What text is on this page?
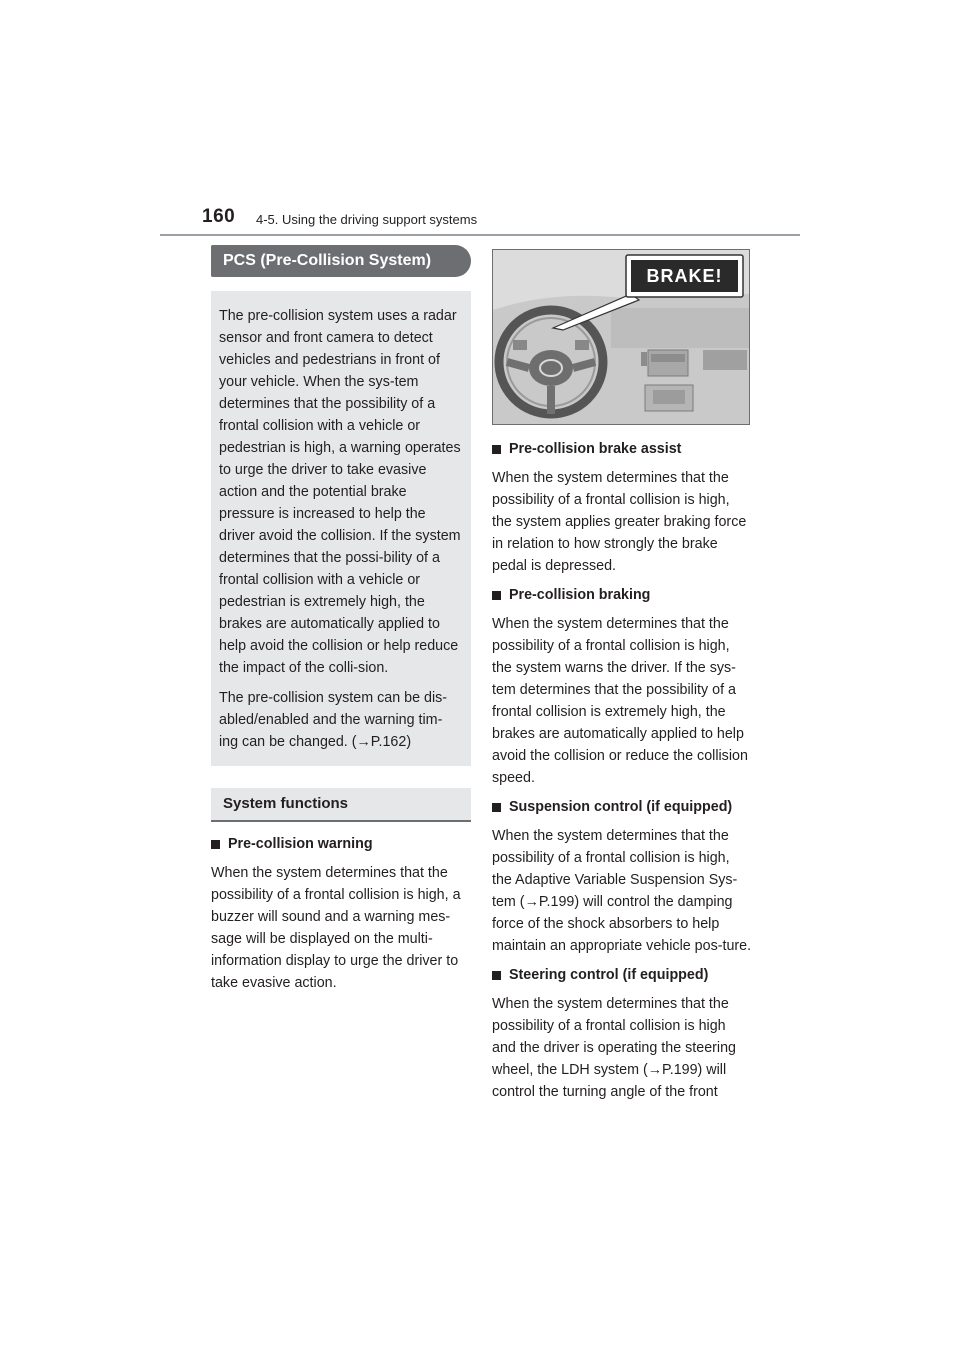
160 4-5. Using the driving support systems
PCS (Pre-Collision System)

The pre-collision system uses a radar sensor and front camera to detect vehicles and pedestrians in front of your vehicle. When the sys-tem determines that the possibility of a frontal collision with a vehicle or pedestrian is high, a warning operates to urge the driver to take evasive action and the potential brake pressure is increased to help the driver avoid the collision. If the system determines that the possi-bility of a frontal collision with a vehicle or pedestrian is extremely high, the brakes are automatically applied to help avoid the collision or help reduce the impact of the colli-sion.

The pre-collision system can be dis-abled/enabled and the warning tim-ing can be changed. (→P.162)

System functions
Pre-collision warning

When the system determines that the possibility of a frontal collision is high, a buzzer will sound and a warning mes-sage will be displayed on the multi-information display to urge the driver to take evasive action.

BRAKE!
Pre-collision brake assist

When the system determines that the possibility of a frontal collision is high, the system applies greater braking force in relation to how strongly the brake pedal is depressed.

Pre-collision braking

When the system determines that the possibility of a frontal collision is high, the system warns the driver. If the sys-tem determines that the possibility of a frontal collision is extremely high, the brakes are automatically applied to help avoid the collision or reduce the collision speed.

Suspension control (if equipped)

When the system determines that the possibility of a frontal collision is high, the Adaptive Variable Suspension Sys-tem (→P.199) will control the damping force of the shock absorbers to help maintain an appropriate vehicle pos-ture.

Steering control (if equipped)

When the system determines that the possibility of a frontal collision is high and the driver is operating the steering wheel, the LDH system (→P.199) will control the turning angle of the front
